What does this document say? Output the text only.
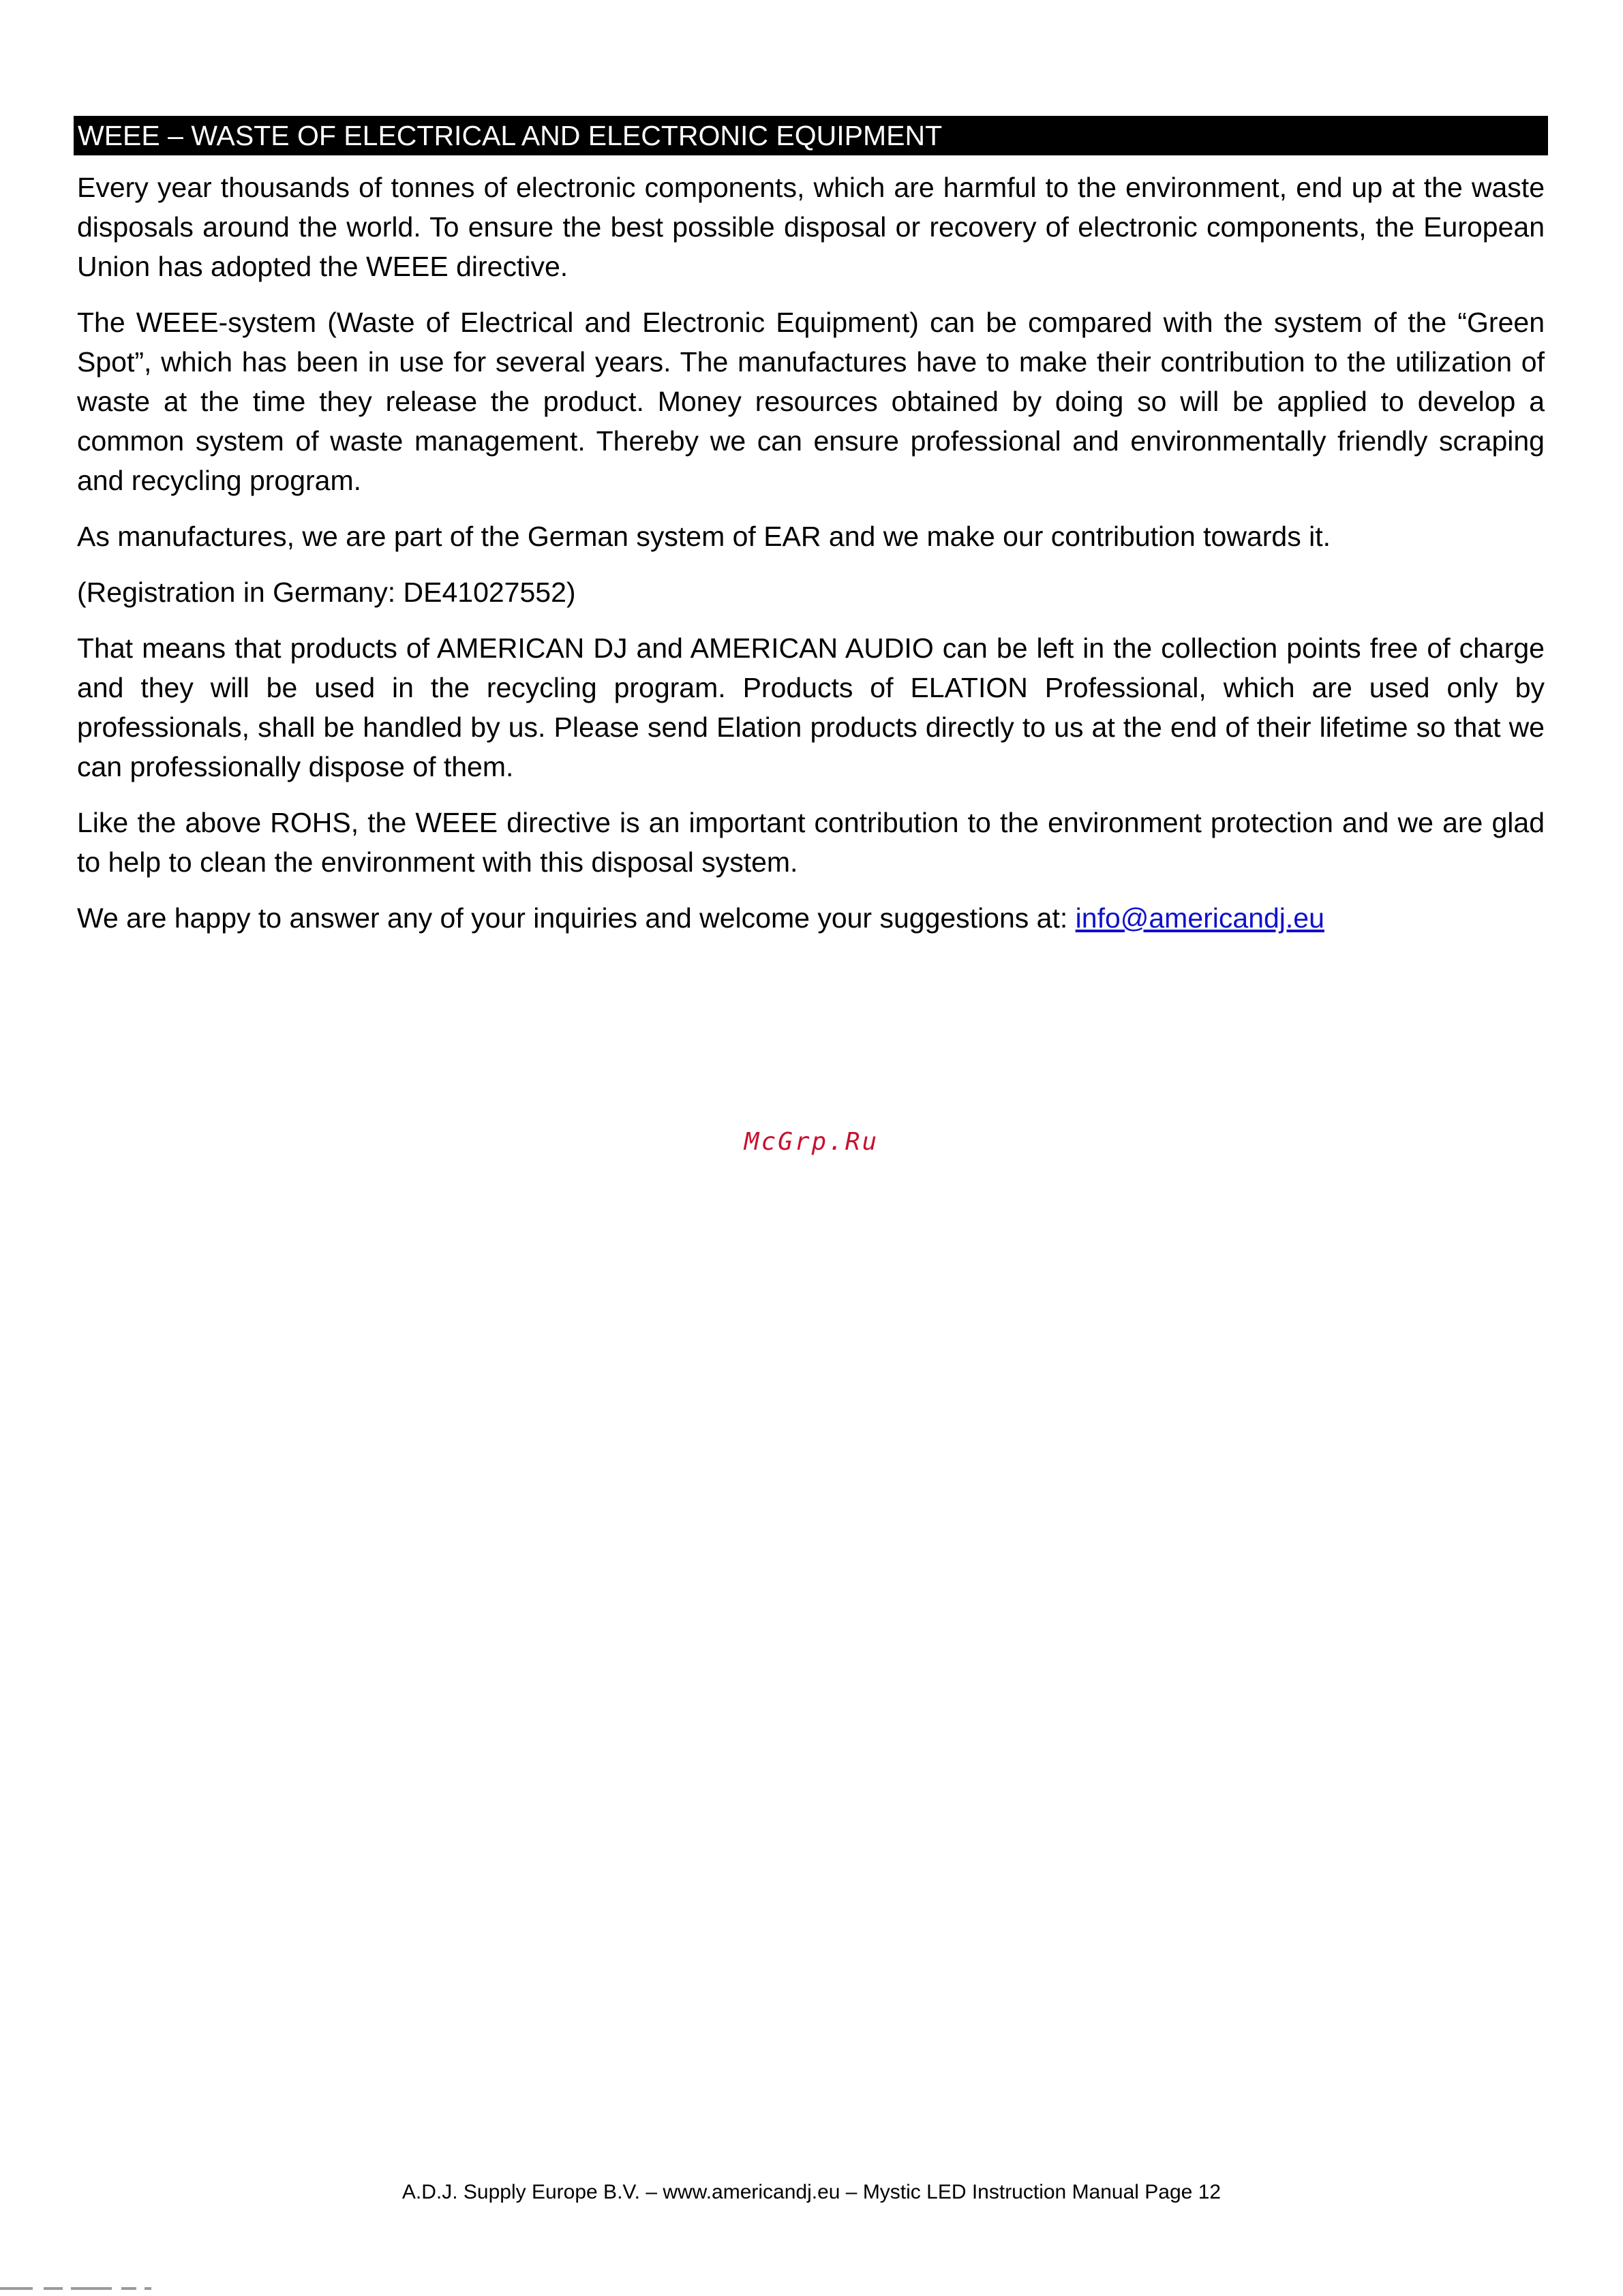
WEEE – WASTE OF ELECTRICAL AND ELECTRONIC EQUIPMENT

Every year thousands of tonnes of electronic components, which are harmful to the environment, end up at the waste disposals around the world. To ensure the best possible disposal or recovery of electronic components, the European Union has adopted the WEEE directive.

The WEEE-system (Waste of Electrical and Electronic Equipment) can be compared with the system of the “Green Spot”, which has been in use for several years. The manufactures have to make their contribution to the utilization of waste at the time they release the product. Money resources obtained by doing so will be applied to develop a common system of waste management. Thereby we can ensure professional and environmentally friendly scraping and recycling program.

As manufactures, we are part of the German system of EAR and we make our contribution towards it.

(Registration in Germany: DE41027552)

That means that products of AMERICAN DJ and AMERICAN AUDIO can be left in the collection points free of charge and they will be used in the recycling program. Products of ELATION Professional, which are used only by professionals, shall be handled by us. Please send Elation products directly to us at the end of their lifetime so that we can professionally dispose of them.

Like the above ROHS, the WEEE directive is an important contribution to the environment protection and we are glad to help to clean the environment with this disposal system.

We are happy to answer any of your inquiries and welcome your suggestions at: info@americandj.eu

McGrp.Ru
A.D.J. Supply Europe B.V. – www.americandj.eu – Mystic LED Instruction Manual Page 12
